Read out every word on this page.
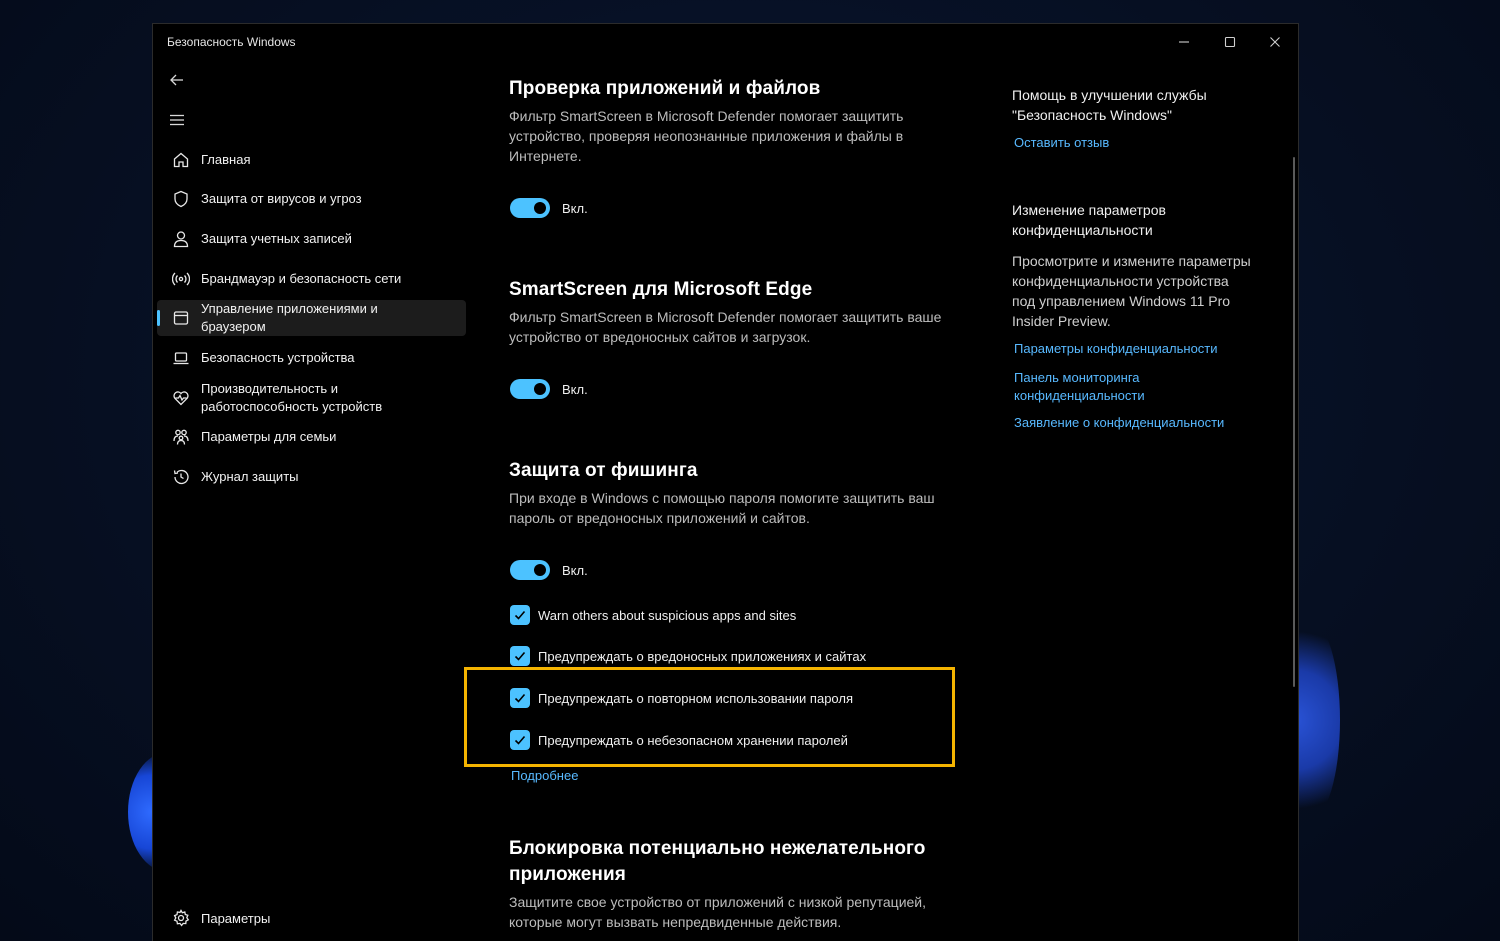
Безопасность Windows
Главная
Защита от вирусов и угроз
Защита учетных записей
Брандмауэр и безопасность сети
Управление приложениями и браузером
Безопасность устройства
Производительность и работоспособность устройств
Параметры для семьи
Журнал защиты
Параметры
Проверка приложений и файлов
Фильтр SmartScreen в Microsoft Defender помогает защитить устройство, проверяя неопознанные приложения и файлы в Интернете.
Вкл.
SmartScreen для Microsoft Edge
Фильтр SmartScreen в Microsoft Defender помогает защитить ваше устройство от вредоносных сайтов и загрузок.
Вкл.
Защита от фишинга
При входе в Windows с помощью пароля помогите защитить ваш пароль от вредоносных приложений и сайтов.
Вкл.
Warn others about suspicious apps and sites
Предупреждать о вредоносных приложениях и сайтах
Предупреждать о повторном использовании пароля
Предупреждать о небезопасном хранении паролей
Подробнее
Блокировка потенциально нежелательного приложения
Защитите свое устройство от приложений с низкой репутацией, которые могут вызвать непредвиденные действия.
Помощь в улучшении службы "Безопасность Windows"
Оставить отзыв
Изменение параметров конфиденциальности
Просмотрите и измените параметры конфиденциальности устройства под управлением Windows 11 Pro Insider Preview.
Параметры конфиденциальности
Панель мониторинга конфиденциальности
Заявление о конфиденциальности
